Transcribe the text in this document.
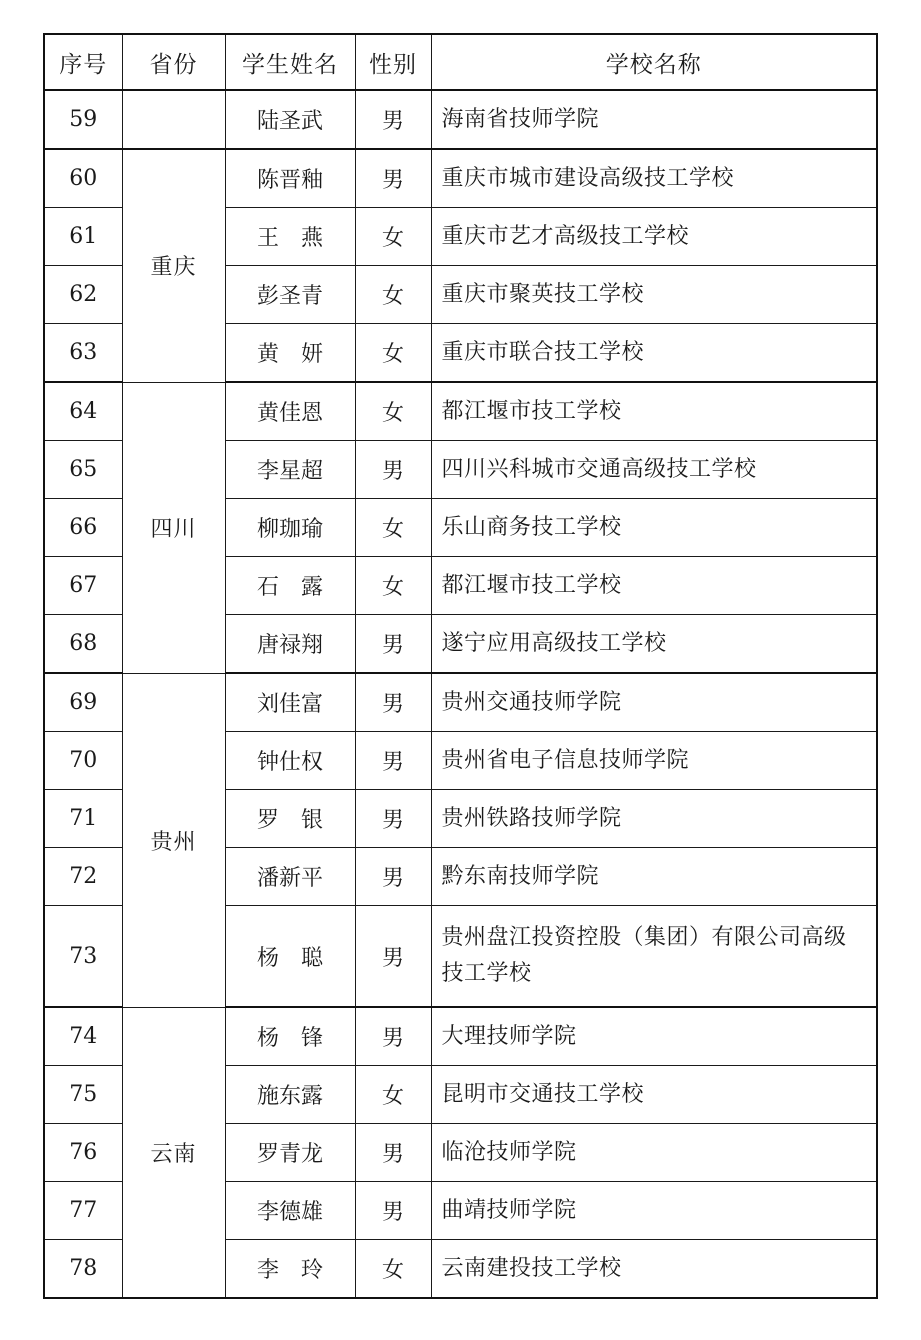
序号	省份	学生姓名	性别	学校名称
59		陆圣武	男	海南省技师学院
60	重庆	陈晋釉	男	重庆市城市建设高级技工学校
61		王　燕	女	重庆市艺才高级技工学校
62		彭圣青	女	重庆市聚英技工学校
63		黄　妍	女	重庆市联合技工学校
64	四川	黄佳恩	女	都江堰市技工学校
65		李星超	男	四川兴科城市交通高级技工学校
66		柳珈瑜	女	乐山商务技工学校
67		石　露	女	都江堰市技工学校
68		唐禄翔	男	遂宁应用高级技工学校
69	贵州	刘佳富	男	贵州交通技师学院
70		钟仕权	男	贵州省电子信息技师学院
71		罗　银	男	贵州铁路技师学院
72		潘新平	男	黔东南技师学院
73		杨　聪	男	贵州盘江投资控股（集团）有限公司高级技工学校
74	云南	杨　锋	男	大理技师学院
75		施东露	女	昆明市交通技工学校
76		罗青龙	男	临沧技师学院
77		李德雄	男	曲靖技师学院
78		李　玲	女	云南建投技工学校
